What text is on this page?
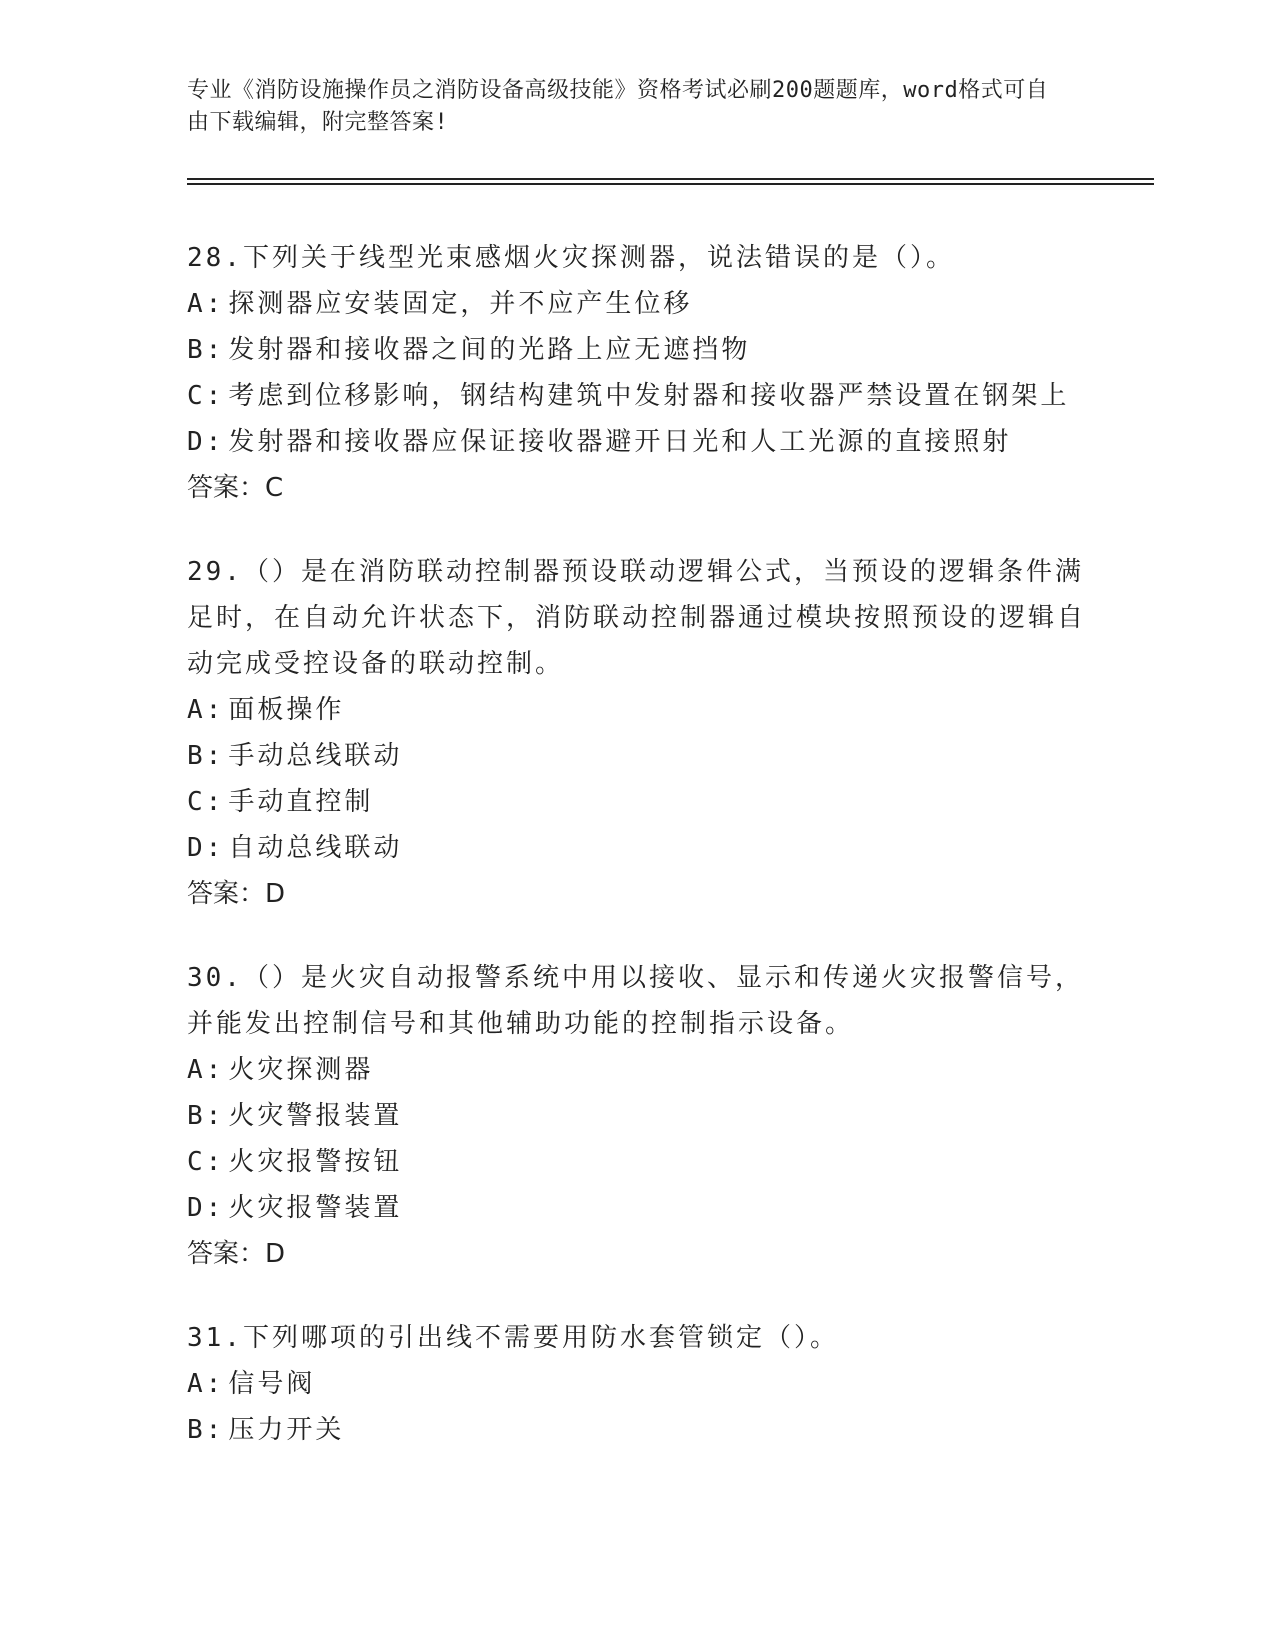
专业《消防设施操作员之消防设备高级技能》资格考试必刷200题题库，word格式可自由下载编辑，附完整答案!
28.下列关于线型光束感烟火灾探测器，说法错误的是（）。
A: 探测器应安装固定，并不应产生位移
B: 发射器和接收器之间的光路上应无遮挡物
C: 考虑到位移影响，钢结构建筑中发射器和接收器严禁设置在钢架上
D: 发射器和接收器应保证接收器避开日光和人工光源的直接照射
答案：C
29.（）是在消防联动控制器预设联动逻辑公式，当预设的逻辑条件满足时，在自动允许状态下，消防联动控制器通过模块按照预设的逻辑自动完成受控设备的联动控制。
A: 面板操作
B: 手动总线联动
C: 手动直控制
D: 自动总线联动
答案：D
30.（）是火灾自动报警系统中用以接收、显示和传递火灾报警信号，并能发出控制信号和其他辅助功能的控制指示设备。
A: 火灾探测器
B: 火灾警报装置
C: 火灾报警按钮
D: 火灾报警装置
答案：D
31.下列哪项的引出线不需要用防水套管锁定（）。
A: 信号阀
B: 压力开关
